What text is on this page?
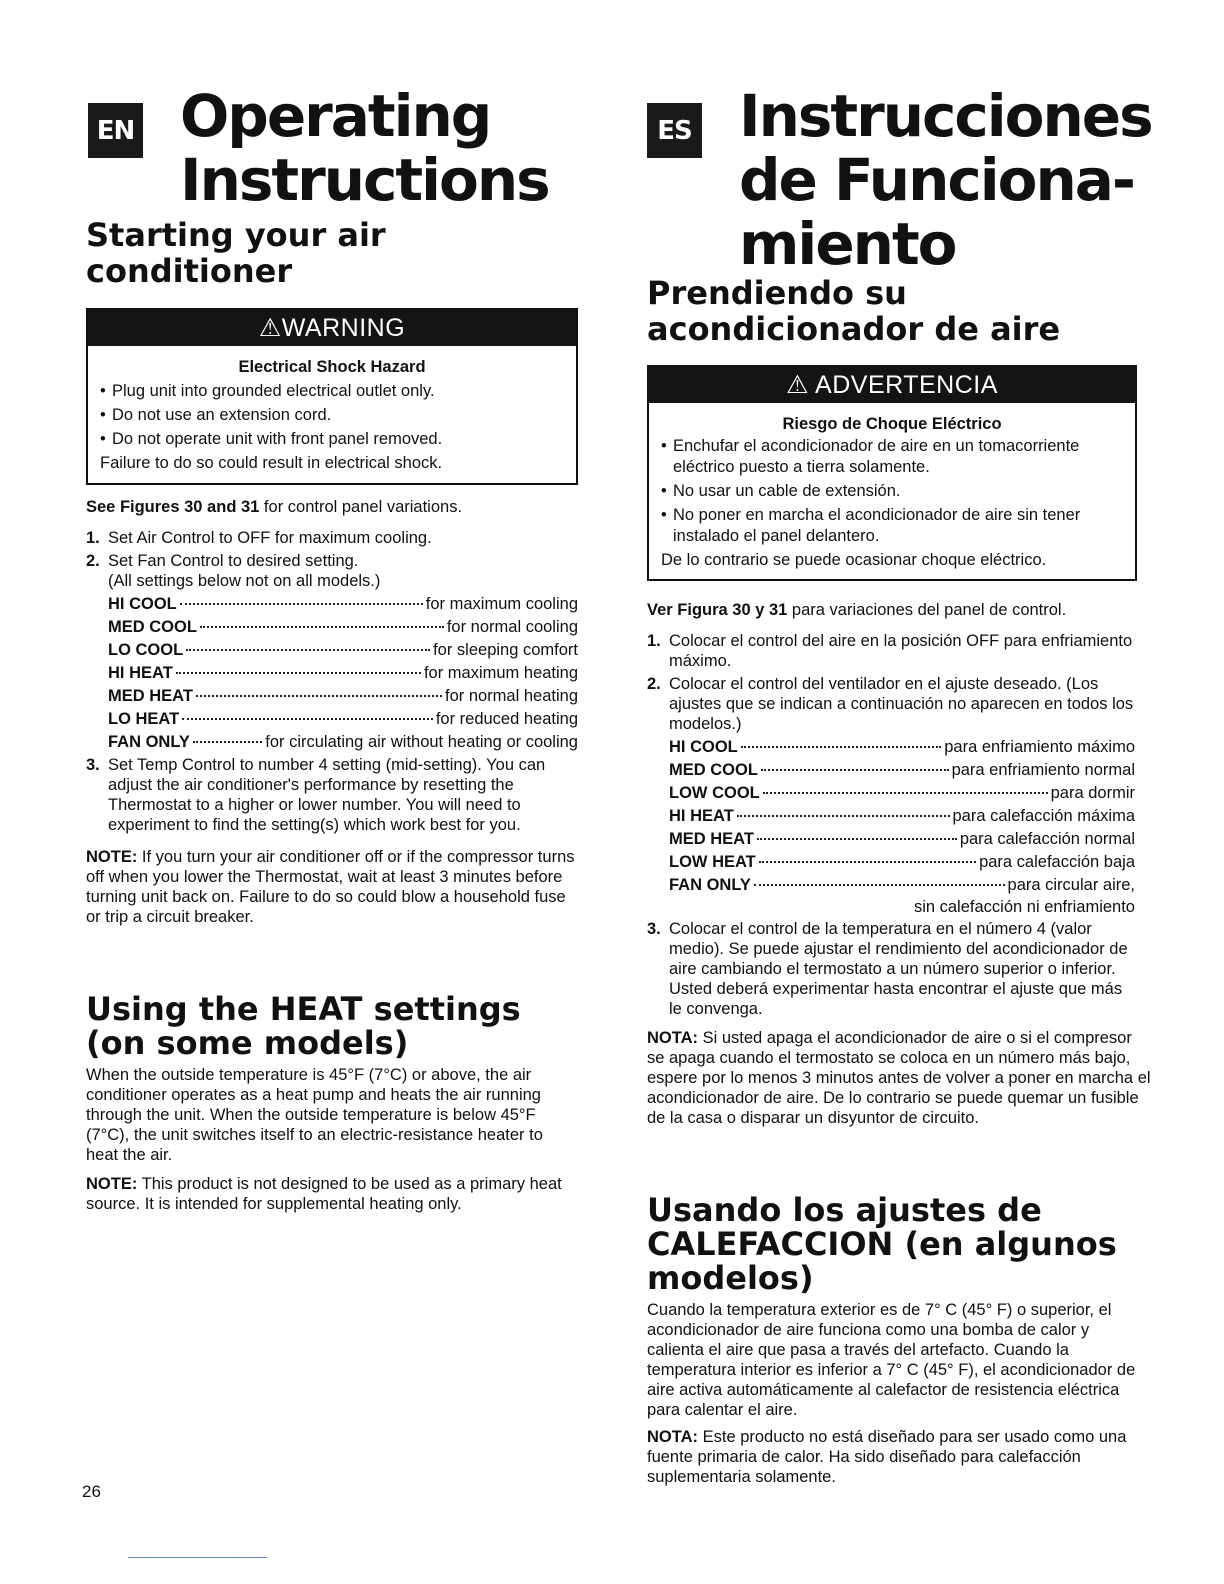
EN Operating
Instructions
Starting your air
conditioner
⚠WARNING
Electrical Shock Hazard
• Plug unit into grounded electrical outlet only.
• Do not use an extension cord.
• Do not operate unit with front panel removed.
Failure to do so could result in electrical shock.

See Figures 30 and 31 for control panel variations.

1. Set Air Control to OFF for maximum cooling.
2. Set Fan Control to desired setting.
(All settings below not on all models.)
HI COOL	for maximum cooling
MED COOL	for normal cooling
LO COOL	for sleeping comfort
HI HEAT	for maximum heating
MED HEAT	for normal heating
LO HEAT	for reduced heating
FAN ONLY	for circulating air without heating or cooling
3. Set Temp Control to number 4 setting (mid-setting). You can adjust the air conditioner's performance by resetting the Thermostat to a higher or lower number. You will need to experiment to find the setting(s) which work best for you.

NOTE: If you turn your air conditioner off or if the compressor turns off when you lower the Thermostat, wait at least 3 minutes before turning unit back on. Failure to do so could blow a household fuse or trip a circuit breaker.

Using the HEAT settings
(on some models)

When the outside temperature is 45°F (7°C) or above, the air conditioner operates as a heat pump and heats the air running through the unit. When the outside temperature is below 45°F (7°C), the unit switches itself to an electric-resistance heater to heat the air.

NOTE: This product is not designed to be used as a primary heat source. It is intended for supplemental heating only.

26
ES Instrucciones
de Funciona-
miento
Prendiendo su
acondicionador de aire
⚠ ADVERTENCIA
Riesgo de Choque Eléctrico
• Enchufar el acondicionador de aire en un tomacorriente eléctrico puesto a tierra solamente.
• No usar un cable de extensión.
• No poner en marcha el acondicionador de aire sin tener instalado el panel delantero.
De lo contrario se puede ocasionar choque eléctrico.

Ver Figura 30 y 31 para variaciones del panel de control.

1. Colocar el control del aire en la posición OFF para enfriamiento máximo.
2. Colocar el control del ventilador en el ajuste deseado. (Los ajustes que se indican a continuación no aparecen en todos los modelos.)
HI COOL	para enfriamiento máximo
MED COOL	para enfriamiento normal
LOW COOL	para dormir
HI HEAT	para calefacción máxima
MED HEAT	para calefacción normal
LOW HEAT	para calefacción baja
FAN ONLY	para circular aire,
sin calefacción ni enfriamiento
3. Colocar el control de la temperatura en el número 4 (valor medio). Se puede ajustar el rendimiento del acondicionador de aire cambiando el termostato a un número superior o inferior. Usted deberá experimentar hasta encontrar el ajuste que más le convenga.

NOTA: Si usted apaga el acondicionador de aire o si el compresor se apaga cuando el termostato se coloca en un número más bajo, espere por lo menos 3 minutos antes de volver a poner en marcha el acondicionador de aire. De lo contrario se puede quemar un fusible de la casa o disparar un disyuntor de circuito.

Usando los ajustes de
CALEFACCION (en algunos
modelos)

Cuando la temperatura exterior es de 7° C (45° F) o superior, el acondicionador de aire funciona como una bomba de calor y calienta el aire que pasa a través del artefacto. Cuando la temperatura interior es inferior a 7° C (45° F), el acondicionador de aire activa automáticamente al calefactor de resistencia eléctrica para calentar el aire.

NOTA: Este producto no está diseñado para ser usado como una fuente primaria de calor. Ha sido diseñado para calefacción suplementaria solamente.
